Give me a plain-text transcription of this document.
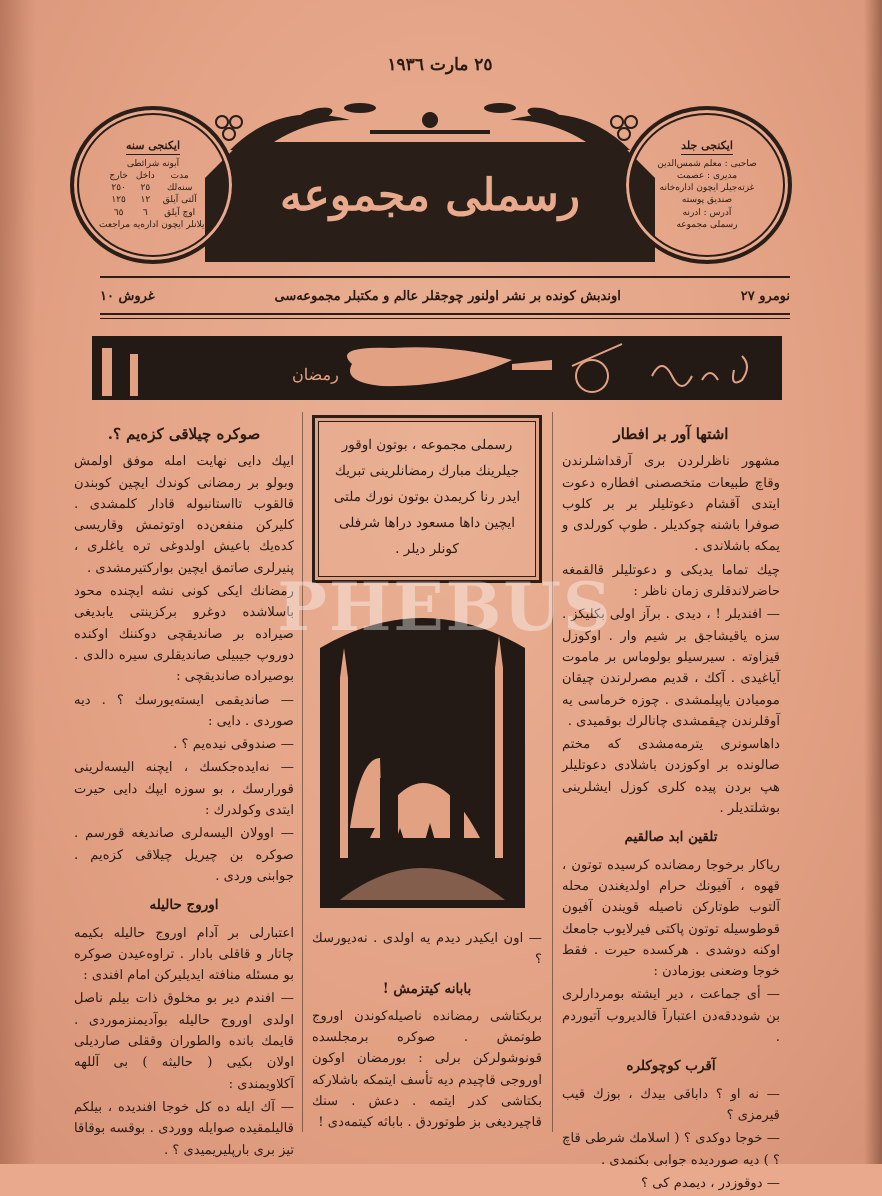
٢٥ مارت ١٩٣٦
رسملى مجموعه
ایکنجى سنه
آبونه شرائطى
مدت	داخل	خارج
سنه‌لك	٢٥	٢٥٠
آلتى آيلق	١٢	١٢٥
اوچ آيلق	٦	٦٥
ایلانلر ایچون اداره‌یه مراجعت
ایکنجى جلد
صاحبى : معلم شمس‌الدین
مدیرى : عصمت
غزته‌جیلر ایچون اداره‌خانه
صندیق پوسته
آدرس : ادرنه
رسملى مجموعه
نومرو ٢٧
اوندبش کونده بر نشر اولنور چوجقلر عالم و مکتبلر مجموعه‌سى
غروش ١٠
رمضان

اشتها آور بر افطار

مشهور ناظرلردن بری آرقداشلرندن وقاچ طبیعات متخصصنى افطاره دعوت ایتدى آقشام دعوتلیلر بر بر کلوب صوفرا باشنه چوکدیلر . طوپ کورلدی و یمکه باشلاندی .

چیك تماما یدیکی و دعوتلیلر قالقمغه حاضرلاندقلری زمان ناظر :

— افندیلر ! ، دیدی . برآز اولى بکلیکز . سزه یاقیشاجق بر شیم وار . اوکوزل قیزاوته . سیرسیلو بولوماس بر ماموت آیاغیدى . آکك ، قدیم مصرلرندن چیقان مومیادن یاپیلمشدی . چوزه خرماسى یه آوقلرندن چیقمشدی چانالرك بوقمیدی .

داهاسونرى یترمه‌مشدى که مختم صالونده بر اوکوزدن باشلادی دعوتلیلر هپ بردن پیده کلرى کوزل ایشلرینى بوشلتدیلر .

تلقین ابد صالقیم

ریاکار برخوجا رمضانده کرسیده توتون ، قهوه ، آفیونك حرام اولدیغندن محله آلتوب طوتارکن ناصیله قویندن آفیون قوطوسیله توتون پاکتی فیرلایوب جامعك اوکنه دوشدى . هرکسده حیرت . فقط خوجا وضعنى بوزمادن :

— أى جماعت ، دیر ایشته بومردارلری بن شوددقه‌دن اعتبارآ قالدیروب آتیوردم .

آقرب کوچوکلره

— نه او ؟ داباقی بیدك ، بوزك قیب قیرمزى ؟

— خوجا دوکدى ؟ ( اسلامك شرطى قاچ ؟ ) دیه صوردیده جوابی بکنمدى .

— دوقوزدر ، دیمدم کى ؟

رسملى مجموعه ، بوتون اوقور
جیلرینك مبارك رمضانلرینى تبریك
ایدر رنا کریمدن بوتون نورك ملتى
ایچین داها مسعود دراها شرفلى
کونلر دیلر .

— اون ایکیدر دیدم یه اولدی . نه‌دیورسك ؟

بابانه کیتزمش !

بربکتاشى رمضانده ناصیله‌کوندن اوروج طوتمش . صوکره برمجلسده قونوشولرکن برلى : بورمضان اوکون اوروجى قاچیدم دیه تأسف ایتمکه باشلارکه بکتاشى کدر ایتمه . دعش . سنك قاچیردیغى بز طوتوردق . باباثه کیتمه‌دى !

صوکره چیلاقى کزه‌یم ؟.

ایپك دایى نهایت امله موفق اولمش وبولو بر رمضانى کوندك ایچین کوبندن قالقوب تااستانبوله قادار کلمشدى . کلیرکن منفعن‌ده اوتوتمش وقاریسى کده‌یك باعیش اولدوغی تره یاغلرى ، پنیرلرى صاتمق ایچین بوارکتیرمشدى .

رمضانك ایکى کونى نشه ایچنده محود باسلاشده دوغرو برکزینتی یابدیغى صیراده بر صاندیقچى دوکننك اوکنده دوروپ جیبیلى صاندیقلرى سیره دالدى . بوصیراده صاندیقچى :

— صاندیقمى ایسته‌یورسك ؟ . دیه صوردى . دایی :

— صندوقى نیده‌یم ؟ .

— نه‌ایده‌جکسك ، ایچنه الیسه‌لرینی قورارسك ، بو سوزه ایپك دایى حیرت ایتدى وکولدرك :

— اوولان الیسه‌لرى صاندیغه قورسم . صوکره بن چیریل چیلاقى کزه‌یم . جوابنى وردى .

اوروج حالیله

اعتبارلى بر آدام اوروج حالیله بکیمه‌ چاتار و قاقلی بادار . تراوه‌عیدن صوکره بو مسئله منافته ایدیلیرکن امام افندى :

— افندم دیر بو مخلوق ذات بیلم ناصل اولدى اوروج حالیله بوآدیمنزموردى . قایمك بانده والطوران وققلى صاردیلى اولان بکیى ( حالیثه ) بى آللهه آکلاویمندى :

— آك ایله ده کل خوجا افندیده ، بیلکم قالیلمقیده صوایله ووردى . بوقسه بوقاقا تیز برى بارپلیریمیدى ؟ .

PHEBUS
